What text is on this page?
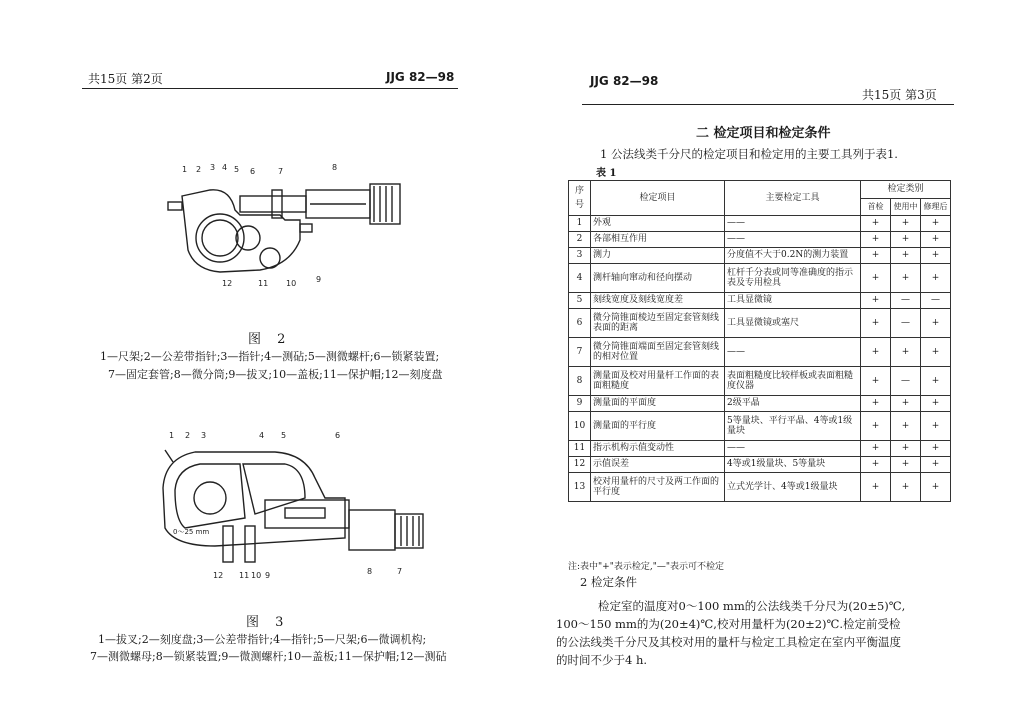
共15页 第2页	JJG 82—98
1 2 3 4 5 6	7	8
12	11 10 9
图 2
1—尺架;2—公差带指针;3—指针;4—测砧;5—测微螺杆;6—锁紧装置;
7—固定套管;8—微分筒;9—拔叉;10—盖板;11—保护帽;12—刻度盘
1 2 3	4 5	6
0～25 mm
12 11 10 9	8	7
图 3
1—拔叉;2—刻度盘;3—公差带指针;4—指针;5—尺架;6—微调机构;
7—测微螺母;8—锁紧装置;9—微测螺杆;10—盖板;11—保护帽;12—测砧
JJG 82—98
共15页 第3页
二 检定项目和检定条件
1 公法线类千分尺的检定项目和检定用的主要工具列于表1.
表 1
序
号	检定项目	主要检定工具	检定类别		
			首检	使用中	修理后
1	外观	——	+	+	+
2	各部相互作用	——	+	+	+
3	测力	分度值不大于0.2N的测力装置	+	+	+
4	测杆轴向窜动和径向摆动	杠杆千分表或同等准确度的指示表及专用检具	+	+	+
5	刻线宽度及刻线宽度差	工具显微镜	+	—	—
6	微分筒锥面棱边至固定套管刻线表面的距离	工具显微镜或塞尺	+	—	+
7	微分筒锥面端面至固定套管刻线的相对位置	——	+	+	+
8	测量面及校对用量杆工作面的表面粗糙度	表面粗糙度比较样板或表面粗糙度仪器	+	—	+
9	测量面的平面度	2级平晶	+	+	+
10	测量面的平行度	5等量块、平行平晶、4等或1级量块	+	+	+
11	指示机构示值变动性	——	+	+	+
12	示值误差	4等或1级量块、5等量块	+	+	+
13	校对用量杆的尺寸及两工作面的平行度	立式光学计、4等或1级量块	+	+	+
注:表中"+"表示检定,"—"表示可不检定
2 检定条件
检定室的温度对0～100 mm的公法线类千分尺为(20±5)℃,
100～150 mm的为(20±4)℃,校对用量杆为(20±2)℃.检定前受检
的公法线类千分尺及其校对用的量杆与检定工具检定在室内平衡温度
的时间不少于4 h.
